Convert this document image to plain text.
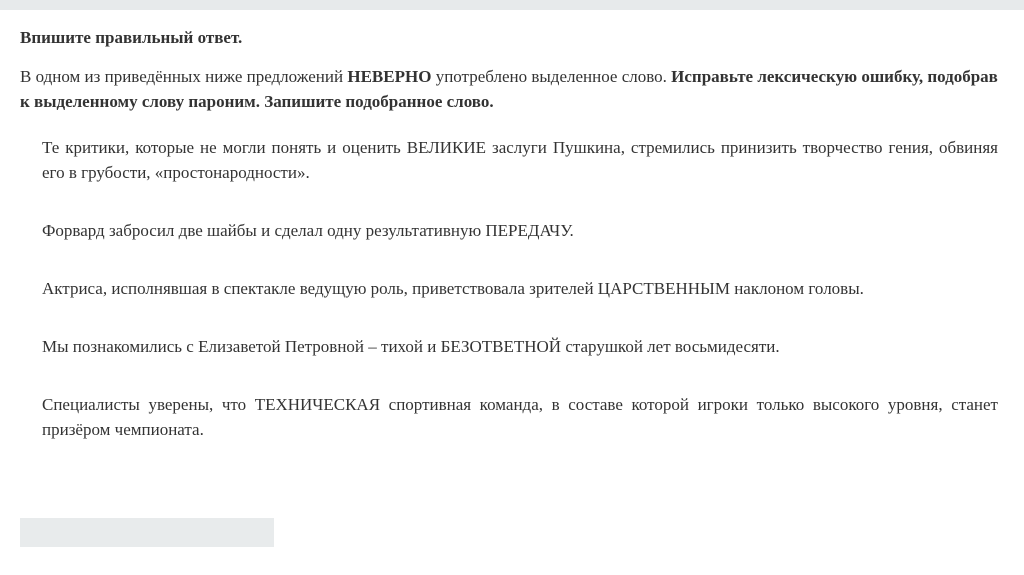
Впишите правильный ответ.

В одном из приведённых ниже предложений НЕВЕРНО употреблено выделенное слово. Исправьте лексическую ошибку, подобрав
к выделенному слову пароним. Запишите подобранное слово.

Те критики, которые не могли понять и оценить ВЕЛИКИЕ заслуги Пушкина, стремились принизить творчество гения, обвиняя его в грубости, «простонародности».

Форвард забросил две шайбы и сделал одну результативную ПЕРЕДАЧУ.

Актриса, исполнявшая в спектакле ведущую роль, приветствовала зрителей ЦАРСТВЕННЫМ наклоном головы.

Мы познакомились с Елизаветой Петровной – тихой и БЕЗОТВЕТНОЙ старушкой лет восьмидесяти.

Специалисты уверены, что ТЕХНИЧЕСКАЯ спортивная команда, в составе которой игроки только высокого уровня, станет призёром чемпионата.
